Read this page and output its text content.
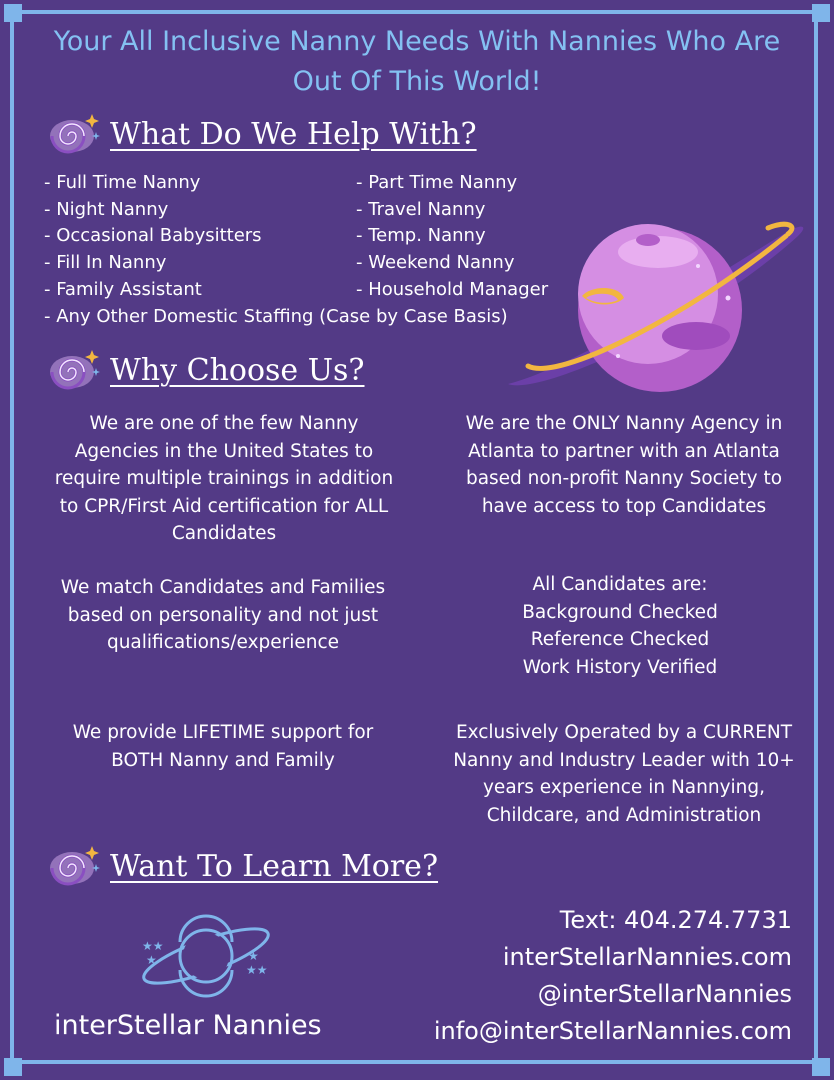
Your All Inclusive Nanny Needs With Nannies Who Are Out Of This World!
What Do We Help With?
- Full Time Nanny
- Night Nanny
- Occasional Babysitters
- Fill In Nanny
- Family Assistant
- Any Other Domestic Staffing (Case by Case Basis)
- Part Time Nanny
- Travel Nanny
- Temp. Nanny
- Weekend Nanny
- Household Manager
Why Choose Us?
We are one of the few Nanny Agencies in the United States to require multiple trainings in addition to CPR/First Aid certification for ALL Candidates
We are the ONLY Nanny Agency in Atlanta to partner with an Atlanta based non-profit Nanny Society to have access to top Candidates
We match Candidates and Families based on personality and not just qualifications/experience
All Candidates are:
Background Checked
Reference Checked
Work History Verified
We provide LIFETIME support for BOTH Nanny and Family
Exclusively Operated by a CURRENT Nanny and Industry Leader with 10+ years experience in Nannying, Childcare, and Administration
Want To Learn More?
★★
★	★
★★
interStellar Nannies
Text: 404.274.7731
interStellarNannies.com
@interStellarNannies
info@interStellarNannies.com
